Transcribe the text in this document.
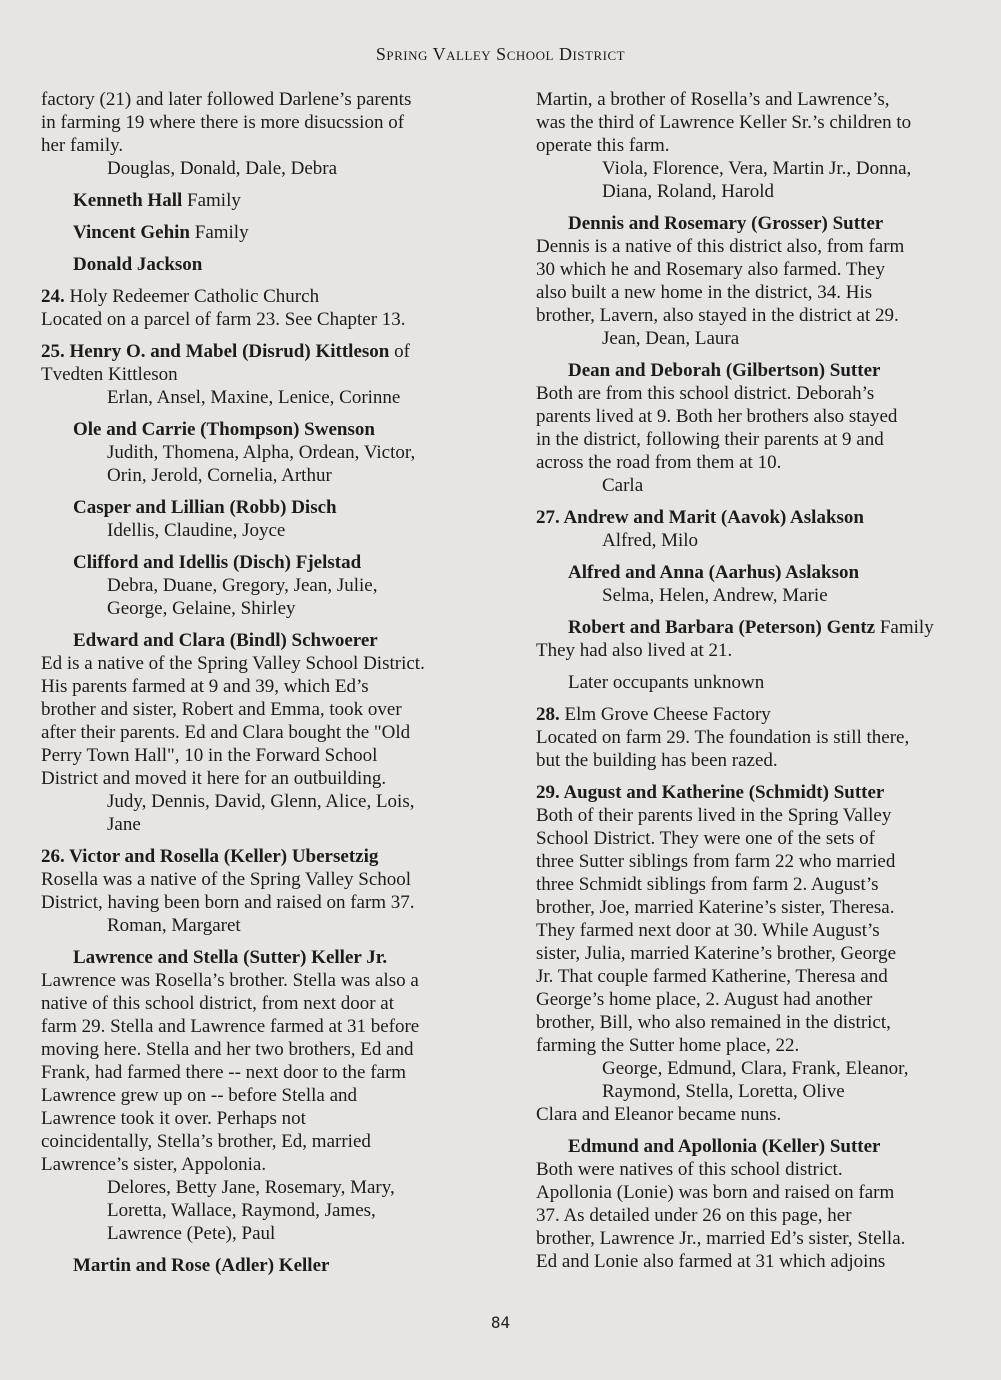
Spring Valley School District

factory (21) and later followed Darlene’s parents

in farming 19 where there is more disucssion of

her family.

Douglas, Donald, Dale, Debra

Kenneth Hall Family

Vincent Gehin Family

Donald Jackson

24. Holy Redeemer Catholic Church

Located on a parcel of farm 23. See Chapter 13.

25. Henry O. and Mabel (Disrud) Kittleson of

Tvedten Kittleson

Erlan, Ansel, Maxine, Lenice, Corinne

Ole and Carrie (Thompson) Swenson

Judith, Thomena, Alpha, Ordean, Victor,

Orin, Jerold, Cornelia, Arthur

Casper and Lillian (Robb) Disch

Idellis, Claudine, Joyce

Clifford and Idellis (Disch) Fjelstad

Debra, Duane, Gregory, Jean, Julie,

George, Gelaine, Shirley

Edward and Clara (Bindl) Schwoerer

Ed is a native of the Spring Valley School District.

His parents farmed at 9 and 39, which Ed’s

brother and sister, Robert and Emma, took over

after their parents. Ed and Clara bought the "Old

Perry Town Hall", 10 in the Forward School

District and moved it here for an outbuilding.

Judy, Dennis, David, Glenn, Alice, Lois,

Jane

26. Victor and Rosella (Keller) Ubersetzig

Rosella was a native of the Spring Valley School

District, having been born and raised on farm 37.

Roman, Margaret

Lawrence and Stella (Sutter) Keller Jr.

Lawrence was Rosella’s brother. Stella was also a

native of this school district, from next door at

farm 29. Stella and Lawrence farmed at 31 before

moving here. Stella and her two brothers, Ed and

Frank, had farmed there -- next door to the farm

Lawrence grew up on -- before Stella and

Lawrence took it over. Perhaps not

coincidentally, Stella’s brother, Ed, married

Lawrence’s sister, Appolonia.

Delores, Betty Jane, Rosemary, Mary,

Loretta, Wallace, Raymond, James,

Lawrence (Pete), Paul

Martin and Rose (Adler) Keller

Martin, a brother of Rosella’s and Lawrence’s,

was the third of Lawrence Keller Sr.’s children to

operate this farm.

Viola, Florence, Vera, Martin Jr., Donna,

Diana, Roland, Harold

Dennis and Rosemary (Grosser) Sutter

Dennis is a native of this district also, from farm

30 which he and Rosemary also farmed. They

also built a new home in the district, 34. His

brother, Lavern, also stayed in the district at 29.

Jean, Dean, Laura

Dean and Deborah (Gilbertson) Sutter

Both are from this school district. Deborah’s

parents lived at 9. Both her brothers also stayed

in the district, following their parents at 9 and

across the road from them at 10.

Carla

27. Andrew and Marit (Aavok) Aslakson

Alfred, Milo

Alfred and Anna (Aarhus) Aslakson

Selma, Helen, Andrew, Marie

Robert and Barbara (Peterson) Gentz Family

They had also lived at 21.

Later occupants unknown

28. Elm Grove Cheese Factory

Located on farm 29. The foundation is still there,

but the building has been razed.

29. August and Katherine (Schmidt) Sutter

Both of their parents lived in the Spring Valley

School District. They were one of the sets of

three Sutter siblings from farm 22 who married

three Schmidt siblings from farm 2. August’s

brother, Joe, married Katerine’s sister, Theresa.

They farmed next door at 30. While August’s

sister, Julia, married Katerine’s brother, George

Jr. That couple farmed Katherine, Theresa and

George’s home place, 2. August had another

brother, Bill, who also remained in the district,

farming the Sutter home place, 22.

George, Edmund, Clara, Frank, Eleanor,

Raymond, Stella, Loretta, Olive

Clara and Eleanor became nuns.

Edmund and Apollonia (Keller) Sutter

Both were natives of this school district.

Apollonia (Lonie) was born and raised on farm

37. As detailed under 26 on this page, her

brother, Lawrence Jr., married Ed’s sister, Stella.

Ed and Lonie also farmed at 31 which adjoins

84
